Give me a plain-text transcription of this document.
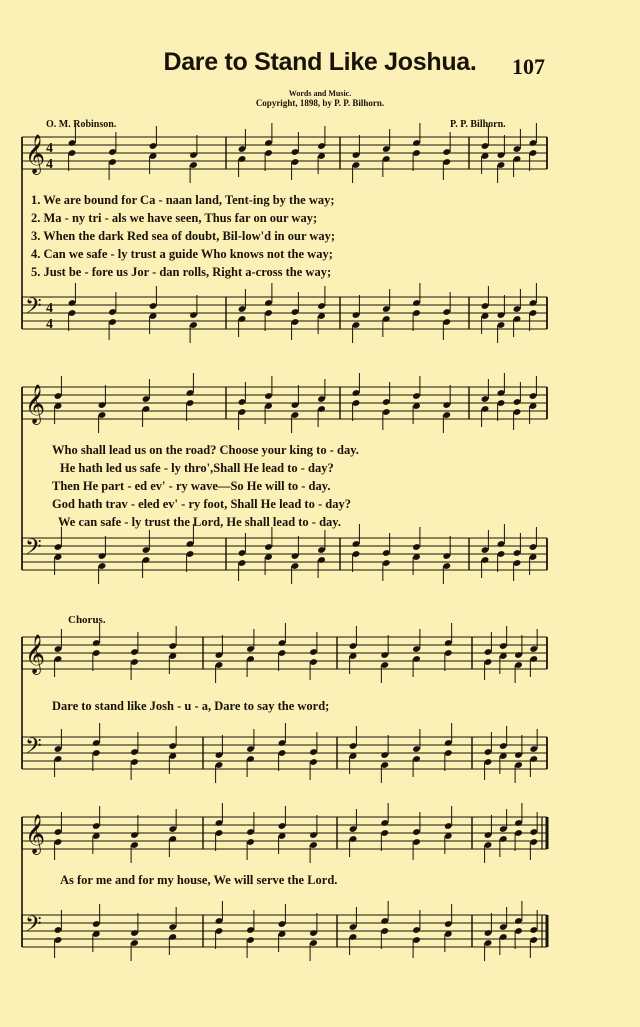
Dare to Stand Like Joshua.	107
Words and Music.
Copyright, 1898, by P. P. Bilhorn.
O. M. Robinson.	P. P. Bilhorn.
𝄞 4
4
𝄢 4
4
𝄞
𝄢
𝄞
𝄢
𝄞
𝄢
1. We are bound for Ca - naan land, Tent-ing by the way;
2. Ma - ny tri - als we have seen, Thus far on our way;
3. When the dark Red sea of doubt, Bil-low'd in our way;
4. Can we safe - ly trust a guide Who knows not the way;
5. Just be - fore us Jor - dan rolls, Right a-cross the way;
Who shall lead us on the road? Choose your king to - day.
He hath led us safe - ly thro',Shall He lead to - day?
Then He part - ed ev' - ry wave—So He will to - day.
God hath trav - eled ev' - ry foot, Shall He lead to - day?
We can safe - ly trust the Lord, He shall lead to - day.
Chorus.
Dare to stand like Josh - u - a, Dare to say the word;
As for me and for my house, We will serve the Lord.
